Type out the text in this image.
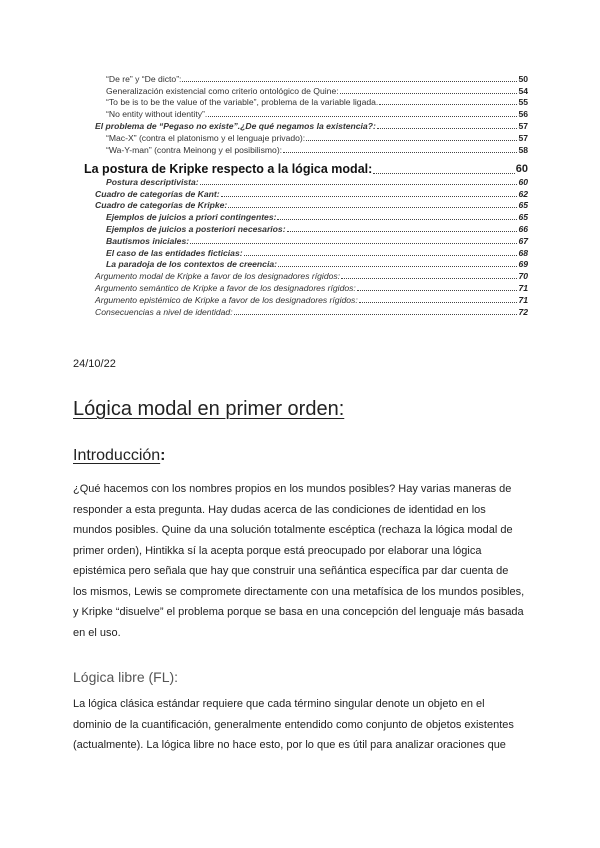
“De re” y “De dicto”:	50
Generalización existencial como criterio ontológico de Quine:	54
“To be is to be the value of the variable”, problema de la variable ligada.	55
“No entity without identity”.	56
El problema de “Pegaso no existe”. ¿De qué negamos la existencia?:	57
“Mac-X” (contra el platonismo y el lenguaje privado):	57
“Wa-Y-man” (contra Meinong y el posibilismo):	58
La postura de Kripke respecto a la lógica modal:	60
Postura descriptivista:	60
Cuadro de categorías de Kant:	62
Cuadro de categorías de Kripke:	65
Ejemplos de juicios a priori contingentes:	65
Ejemplos de juicios a posteriori necesarios:	66
Bautismos iniciales:	67
El caso de las entidades ficticias:	68
La paradoja de los contextos de creencia:	69
Argumento modal de Kripke a favor de los designadores rígidos:	70
Argumento semántico de Kripke a favor de los designadores rígidos:	71
Argumento epistémico de Kripke a favor de los designadores rígidos:	71
Consecuencias a nivel de identidad:	72
24/10/22
Lógica modal en primer orden:
Introducción:

¿Qué hacemos con los nombres propios en los mundos posibles? Hay varias maneras de responder a esta pregunta. Hay dudas acerca de las condiciones de identidad en los mundos posibles. Quine da una solución totalmente escéptica (rechaza la lógica modal de primer orden), Hintikka sí la acepta porque está preocupado por elaborar una lógica epistémica pero señala que hay que construir una señántica específica par dar cuenta de los mismos, Lewis se compromete directamente con una metafísica de los mundos posibles, y Kripke “disuelve” el problema porque se basa en una concepción del lenguaje más basada en el uso.

Lógica libre (FL):

La lógica clásica estándar requiere que cada término singular denote un objeto en el dominio de la cuantificación, generalmente entendido como conjunto de objetos existentes (actualmente). La lógica libre no hace esto, por lo que es útil para analizar oraciones que
